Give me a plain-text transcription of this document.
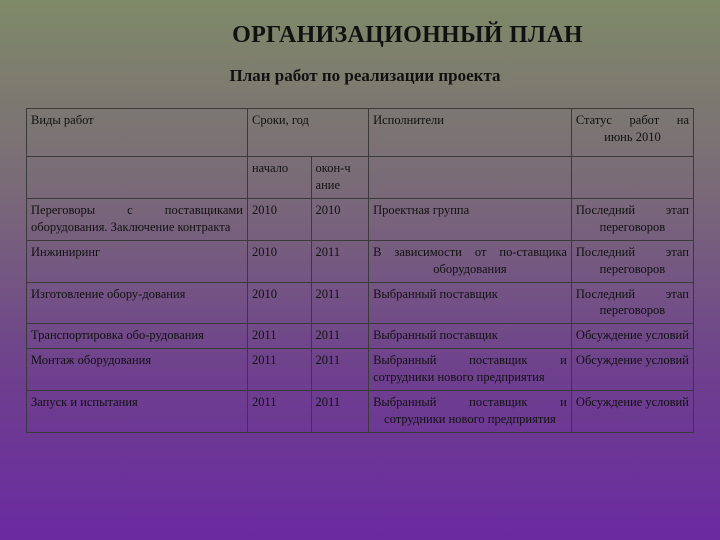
ОРГАНИЗАЦИОННЫЙ ПЛАН
План работ по реализации проекта
Виды работ	Сроки, год		Исполнители	Статус работ на июнь 2010
	начало	окон-ч ание		
Переговоры с поставщиками оборудования. Заключение контракта	2010	2010	Проектная группа	Последний этап переговоров
Инжиниринг	2010	2011	В зависимости от по-ставщика оборудования	Последний этап переговоров
Изготовление обору-дования	2010	2011	Выбранный поставщик	Последний этап переговоров
Транспортировка обо-рудования	2011	2011	Выбранный поставщик	Обсуждение условий
Монтаж оборудования	2011	2011	Выбранный поставщик и сотрудники нового предприятия	Обсуждение условий
Запуск и испытания	2011	2011	Выбранный поставщик и сотрудники нового предприятия	Обсуждение условий
